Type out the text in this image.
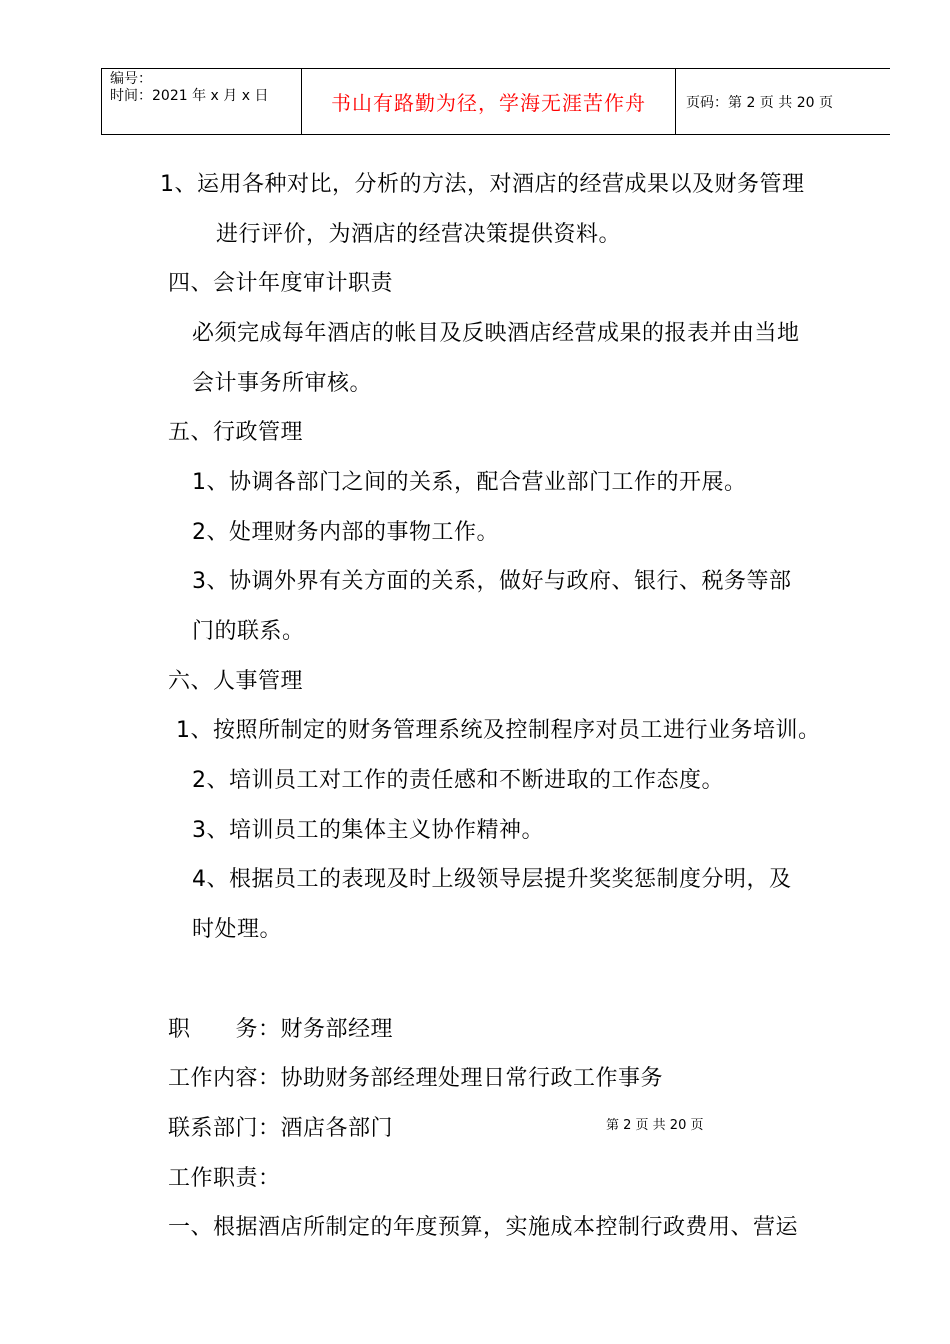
编号：
时间：2021 年 x 月 x 日	书山有路勤为径，学海无涯苦作舟	页码：第 2 页 共 20 页
1、运用各种对比，分析的方法，对酒店的经营成果以及财务管理
进行评价，为酒店的经营决策提供资料。
四、会计年度审计职责
必须完成每年酒店的帐目及反映酒店经营成果的报表并由当地
会计事务所审核。
五、行政管理
1、协调各部门之间的关系，配合营业部门工作的开展。
2、处理财务内部的事物工作。
3、协调外界有关方面的关系，做好与政府、银行、税务等部
门的联系。
六、人事管理
1、按照所制定的财务管理系统及控制程序对员工进行业务培训。
2、培训员工对工作的责任感和不断进取的工作态度。
3、培训员工的集体主义协作精神。
4、根据员工的表现及时上级领导层提升奖奖惩制度分明，及
时处理。
职　　务：财务部经理
工作内容：协助财务部经理处理日常行政工作事务
联系部门：酒店各部门
工作职责：
一、根据酒店所制定的年度预算，实施成本控制行政费用、营运
第 2 页 共 20 页
